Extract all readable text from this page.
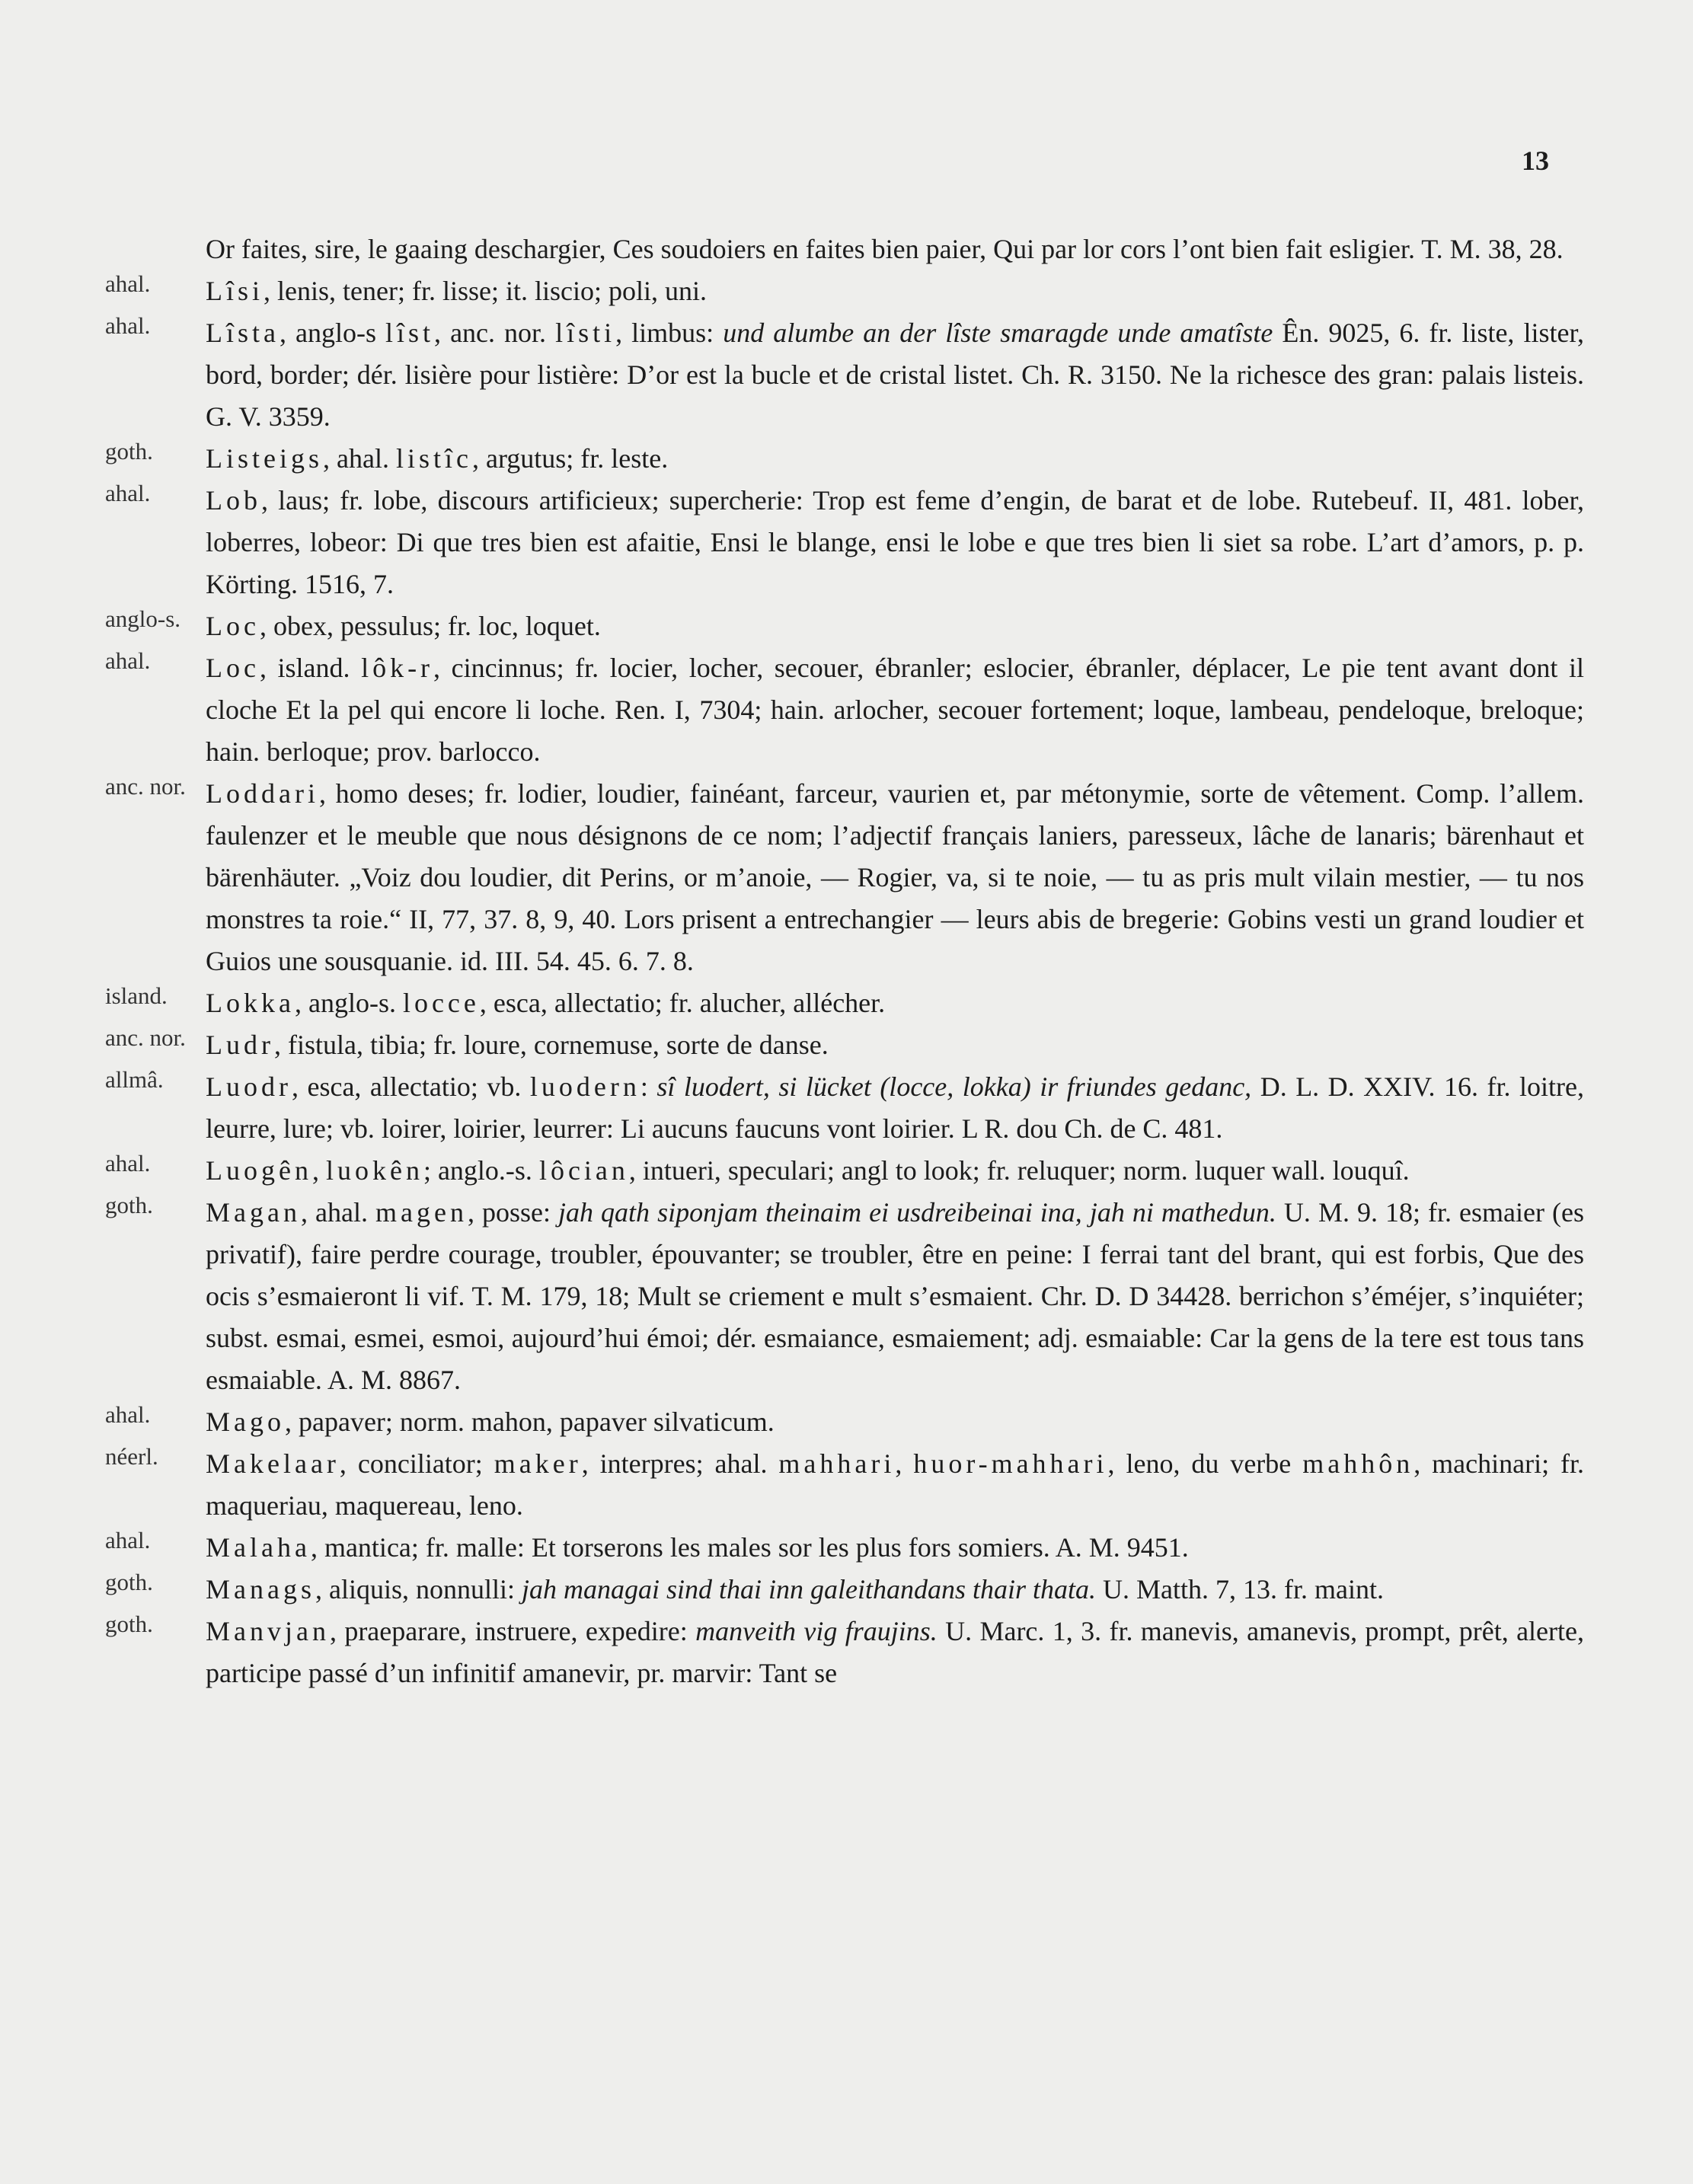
13
Or faites, sire, le gaaing deschargier, Ces soudoiers en faites bien paier, Qui par lor cors l’ont bien fait esligier. T. M. 38, 28.
ahal. Lîsi, lenis, tener; fr. lisse; it. liscio; poli, uni.
ahal. Lîsta, anglo-s lîst, anc. nor. lîsti, limbus: und alumbe an der lîste smaragde unde amatîste Ên. 9025, 6. fr. liste, lister, bord, border; dér. lisière pour listière: D’or est la bucle et de cristal listet. Ch. R. 3150. Ne la richesce des gran: palais listeis. G. V. 3359.
goth. Listeigs, ahal. listîc, argutus; fr. leste.
ahal. Lob, laus; fr. lobe, discours artificieux; supercherie: Trop est feme d’engin, de barat et de lobe. Rutebeuf. II, 481. lober, loberres, lobeor: Di que tres bien est afaitie, Ensi le blange, ensi le lobe e que tres bien li siet sa robe. L’art d’amors, p. p. Körting. 1516, 7.
anglo-s. Loc, obex, pessulus; fr. loc, loquet.
ahal. Loc, island. lôk-r, cincinnus; fr. locier, locher, secouer, ébranler; eslocier, ébranler, déplacer, Le pie tent avant dont il cloche Et la pel qui encore li loche. Ren. I, 7304; hain. arlocher, secouer fortement; loque, lambeau, pendeloque, breloque; hain. berloque; prov. barlocco.
anc. nor. Loddari, homo deses; fr. lodier, loudier, fainéant, farceur, vaurien et, par métonymie, sorte de vêtement. Comp. l’allem. faulenzer et le meuble que nous désignons de ce nom; l’adjectif français laniers, paresseux, lâche de lanaris; bärenhaut et bärenhäuter. „Voiz dou loudier, dit Perins, or m’anoie, — Rogier, va, si te noie, — tu as pris mult vilain mestier, — tu nos monstres ta roie.“ II, 77, 37. 8, 9, 40. Lors prisent a entrechangier — leurs abis de bregerie: Gobins vesti un grand loudier et Guios une sousquanie. id. III. 54. 45. 6. 7. 8.
island. Lokka, anglo-s. locce, esca, allectatio; fr. alucher, allécher.
anc. nor. Ludr, fistula, tibia; fr. loure, cornemuse, sorte de danse.
allmâ. Luodr, esca, allectatio; vb. luodern: sî luodert, si lücket (locce, lokka) ir friundes gedanc, D. L. D. XXIV. 16. fr. loitre, leurre, lure; vb. loirer, loirier, leurrer: Li aucuns faucuns vont loirier. L R. dou Ch. de C. 481.
ahal. Luogên, luokên; anglo.-s. lôcian, intueri, speculari; angl to look; fr. reluquer; norm. luquer wall. louquî.
goth. Magan, ahal. magen, posse: jah qath siponjam theinaim ei usdreibeinai ina, jah ni mathedun. U. M. 9. 18; fr. esmaier (es privatif), faire perdre courage, troubler, épouvanter; se troubler, être en peine: I ferrai tant del brant, qui est forbis, Que des ocis s’esmaieront li vif. T. M. 179, 18; Mult se criement e mult s’esmaient. Chr. D. D 34428. berrichon s’éméjer, s’inquiéter; subst. esmai, esmei, esmoi, aujourd’hui émoi; dér. esmaiance, esmaiement; adj. esmaiable: Car la gens de la tere est tous tans esmaiable. A. M. 8867.
ahal. Mago, papaver; norm. mahon, papaver silvaticum.
néerl. Makelaar, conciliator; maker, interpres; ahal. mahhari, huor-mahhari, leno, du verbe mahhôn, machinari; fr. maqueriau, maquereau, leno.
ahal. Malaha, mantica; fr. malle: Et torserons les males sor les plus fors somiers. A. M. 9451.
goth. Manags, aliquis, nonnulli: jah managai sind thai inn galeithandans thair thata. U. Matth. 7, 13. fr. maint.
goth. Manvjan, praeparare, instruere, expedire: manveith vig fraujins. U. Marc. 1, 3. fr. manevis, amanevis, prompt, prêt, alerte, participe passé d’un infinitif amanevir, pr. marvir: Tant se
